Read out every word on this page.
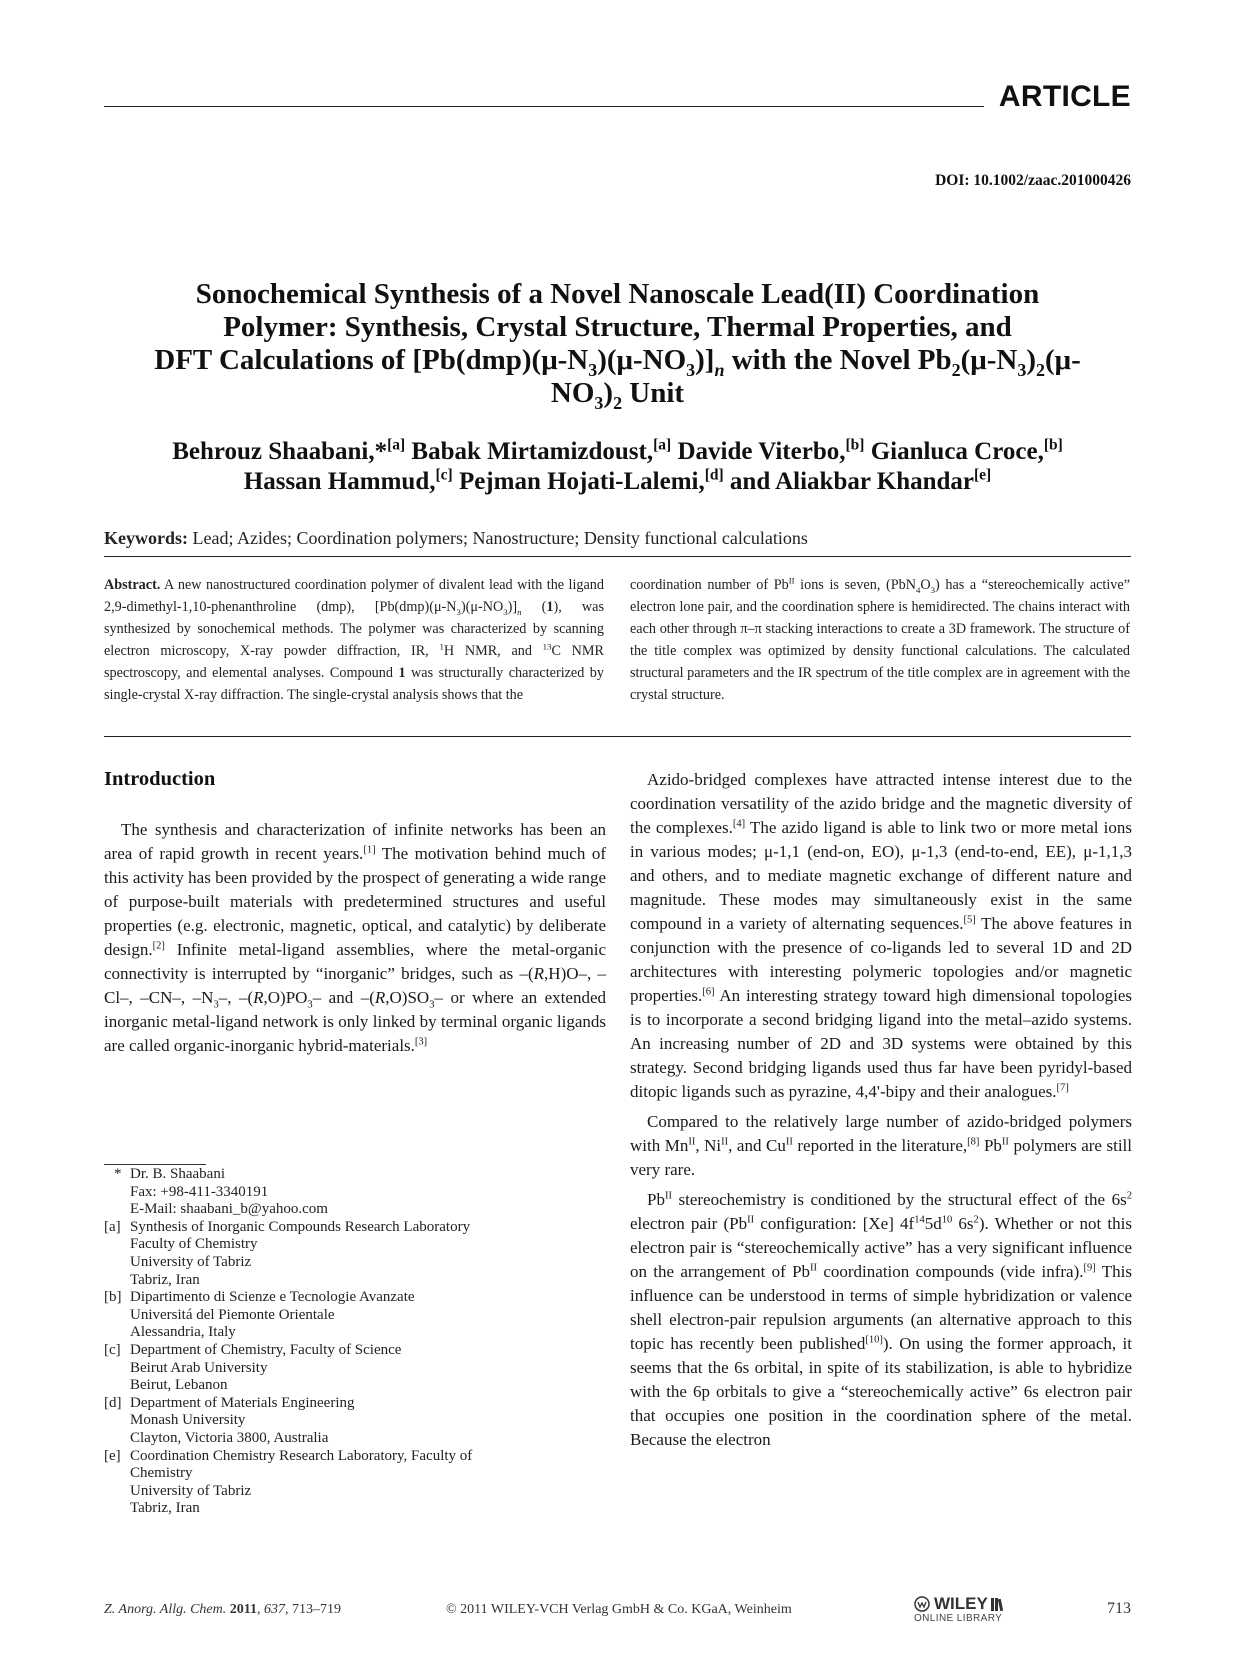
ARTICLE
DOI: 10.1002/zaac.201000426
Sonochemical Synthesis of a Novel Nanoscale Lead(II) Coordination
Polymer: Synthesis, Crystal Structure, Thermal Properties, and
DFT Calculations of $[Pb(dmp)(\mu-N_3)(\mu-NO_3)]_n$ with the Novel $Pb_2(\mu-N_3)_2(\mu-$
$NO_3)_2$ Unit
Behrouz Shaabani,*[a] Babak Mirtamizdoust,[a] Davide Viterbo,[b] Gianluca Croce,[b]
Hassan Hammud,[c] Pejman Hojati-Lalemi,[d] and Aliakbar Khandar[e]
Keywords: Lead; Azides; Coordination polymers; Nanostructure; Density functional calculations
Abstract. A new nanostructured coordination polymer of divalent lead with the ligand 2,9-dimethyl-1,10-phenanthroline (dmp), $[Pb(dmp)(\mu-N_3)(\mu-NO_3)]_n$ (1), was synthesized by sonochemical methods. The polymer was characterized by scanning electron microscopy, X-ray powder diffraction, IR, $^1$H NMR, and $^{13}$C NMR spectroscopy, and elemental analyses. Compound 1 was structurally characterized by single-crystal X-ray diffraction. The single-crystal analysis shows that the
coordination number of $Pb^{II}$ ions is seven, $(PbN_4O_3)$ has a “stereochemically active” electron lone pair, and the coordination sphere is hemidirected. The chains interact with each other through π–π stacking interactions to create a 3D framework. The structure of the title complex was optimized by density functional calculations. The calculated structural parameters and the IR spectrum of the title complex are in agreement with the crystal structure.
Introduction

The synthesis and characterization of infinite networks has been an area of rapid growth in recent years.[1] The motivation behind much of this activity has been provided by the prospect of generating a wide range of purpose-built materials with predetermined structures and useful properties (e.g. electronic, magnetic, optical, and catalytic) by deliberate design.[2] Infinite metal-ligand assemblies, where the metal-organic connectivity is interrupted by “inorganic” bridges, such as –(R,H)O–, –Cl–, –CN–, $-N_3-$, $-(R,O)PO_3-$ and $-(R,O)SO_3-$ or where an extended inorganic metal-ligand network is only linked by terminal organic ligands are called organic-inorganic hybrid-materials.[3]

* Dr. B. Shaabani
Fax: +98-411-3340191
E-Mail: shaabani_b@yahoo.com
[a] Synthesis of Inorganic Compounds Research Laboratory
Faculty of Chemistry
University of Tabriz
Tabriz, Iran
[b] Dipartimento di Scienze e Tecnologie Avanzate
Universitá del Piemonte Orientale
Alessandria, Italy
[c] Department of Chemistry, Faculty of Science
Beirut Arab University
Beirut, Lebanon
[d] Department of Materials Engineering
Monash University
Clayton, Victoria 3800, Australia
[e] Coordination Chemistry Research Laboratory, Faculty of
Chemistry
University of Tabriz
Tabriz, Iran

Azido-bridged complexes have attracted intense interest due to the coordination versatility of the azido bridge and the magnetic diversity of the complexes.[4] The azido ligand is able to link two or more metal ions in various modes; μ-1,1 (end-on, EO), μ-1,3 (end-to-end, EE), μ-1,1,3 and others, and to mediate magnetic exchange of different nature and magnitude. These modes may simultaneously exist in the same compound in a variety of alternating sequences.[5] The above features in conjunction with the presence of co-ligands led to several 1D and 2D architectures with interesting polymeric topologies and/or magnetic properties.[6] An interesting strategy toward high dimensional topologies is to incorporate a second bridging ligand into the metal–azido systems. An increasing number of 2D and 3D systems were obtained by this strategy. Second bridging ligands used thus far have been pyridyl-based ditopic ligands such as pyrazine, 4,4'-bipy and their analogues.[7]

Compared to the relatively large number of azido-bridged polymers with $Mn^{II}$, $Ni^{II}$, and $Cu^{II}$ reported in the literature,[8] $Pb^{II}$ polymers are still very rare.

$Pb^{II}$ stereochemistry is conditioned by the structural effect of the $6s^2$ electron pair ($Pb^{II}$ configuration: [Xe] $4f^{14}5d^{10}$ $6s^2$). Whether or not this electron pair is “stereochemically active” has a very significant influence on the arrangement of $Pb^{II}$ coordination compounds (vide infra).[9] This influence can be understood in terms of simple hybridization or valence shell electron-pair repulsion arguments (an alternative approach to this topic has recently been published[10]). On using the former approach, it seems that the 6s orbital, in spite of its stabilization, is able to hybridize with the 6p orbitals to give a “stereochemically active” 6s electron pair that occupies one position in the coordination sphere of the metal. Because the electron

Z. Anorg. Allg. Chem. 2011, 637, 713–719	© 2011 WILEY-VCH Verlag GmbH & Co. KGaA, Weinheim	WILEY
ONLINE LIBRARY
713
